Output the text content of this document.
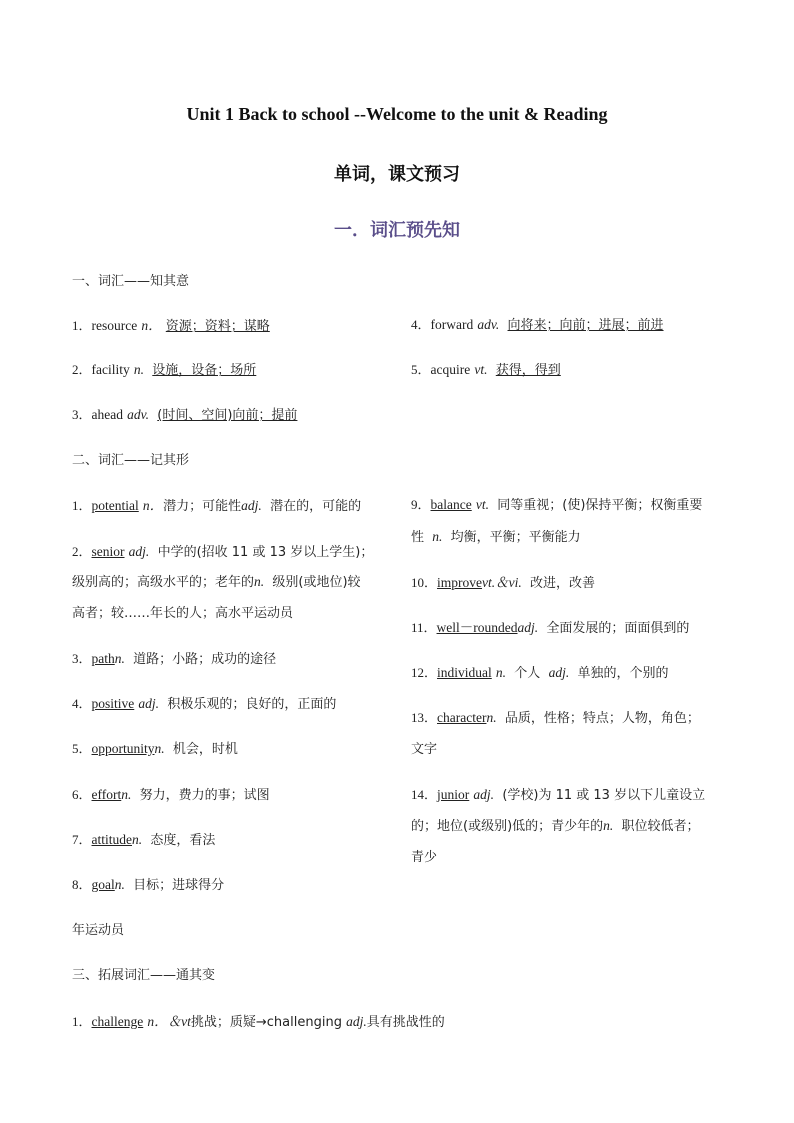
Unit 1 Back to school --Welcome to the unit & Reading
单词，课文预习
一．词汇预先知
一、词汇——知其意
1．resource n． 资源；资料；谋略
2．facility n. 设施，设备；场所
3．ahead adv. (时间、空间)向前；提前
4．forward adv. 向将来；向前；进展；前进
5．acquire vt. 获得，得到
二、词汇——记其形
1．potential n．潜力；可能性adj. 潜在的，可能的
2．senior adj. 中学的(招收 11 或 13 岁以上学生)；
级别高的；高级水平的；老年的n. 级别(或地位)较
高者；较……年长的人；高水平运动员
3．pathn. 道路；小路；成功的途径
4．positive adj. 积极乐观的；良好的，正面的
5．opportunityn. 机会，时机
6．effortn. 努力，费力的事；试图
7．attituden. 态度，看法
8．goaln. 目标；进球得分
年运动员
9．balance vt. 同等重视；(使)保持平衡；权衡重要
性 n. 均衡，平衡；平衡能力
10．improvevt.＆vi. 改进，改善
11．well－roundedadj. 全面发展的；面面俱到的
12．individual n. 个人 adj. 单独的，个别的
13．charactern. 品质，性格；特点；人物，角色；
文字
14．junior adj. (学校)为 11 或 13 岁以下儿童设立
的；地位(或级别)低的；青少年的n. 职位较低者；
青少
三、拓展词汇——通其变
1．challenge n．＆vt挑战；质疑→challenging adj.具有挑战性的
